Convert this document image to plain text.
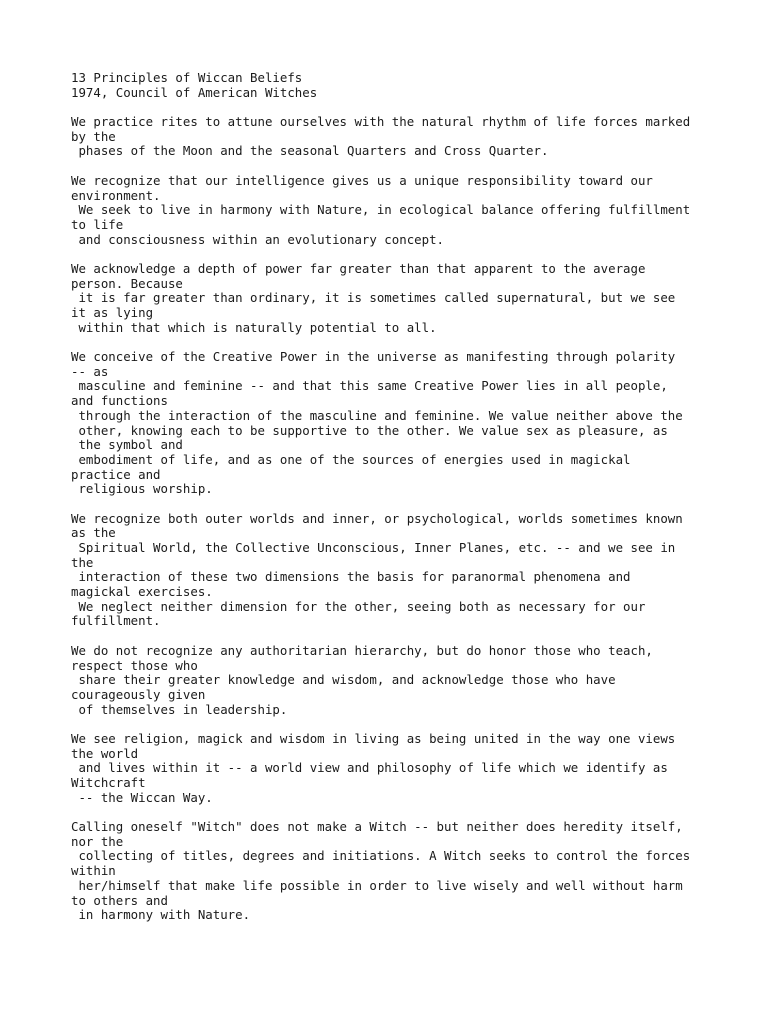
13 Principles of Wiccan Beliefs
1974, Council of American Witches
We practice rites to attune ourselves with the natural rhythm of life forces marked
by the
phases of the Moon and the seasonal Quarters and Cross Quarter.
We recognize that our intelligence gives us a unique responsibility toward our
environment.
We seek to live in harmony with Nature, in ecological balance offering fulfillment
to life
and consciousness within an evolutionary concept.
We acknowledge a depth of power far greater than that apparent to the average
person. Because
it is far greater than ordinary, it is sometimes called supernatural, but we see
it as lying
within that which is naturally potential to all.
We conceive of the Creative Power in the universe as manifesting through polarity
-- as
masculine and feminine -- and that this same Creative Power lies in all people,
and functions
through the interaction of the masculine and feminine. We value neither above the
other, knowing each to be supportive to the other. We value sex as pleasure, as
the symbol and
embodiment of life, and as one of the sources of energies used in magickal
practice and
religious worship.
We recognize both outer worlds and inner, or psychological, worlds sometimes known
as the
Spiritual World, the Collective Unconscious, Inner Planes, etc. -- and we see in
the
interaction of these two dimensions the basis for paranormal phenomena and
magickal exercises.
We neglect neither dimension for the other, seeing both as necessary for our
fulfillment.
We do not recognize any authoritarian hierarchy, but do honor those who teach,
respect those who
share their greater knowledge and wisdom, and acknowledge those who have
courageously given
of themselves in leadership.
We see religion, magick and wisdom in living as being united in the way one views
the world
and lives within it -- a world view and philosophy of life which we identify as
Witchcraft
-- the Wiccan Way.
Calling oneself "Witch" does not make a Witch -- but neither does heredity itself,
nor the
collecting of titles, degrees and initiations. A Witch seeks to control the forces
within
her/himself that make life possible in order to live wisely and well without harm
to others and
in harmony with Nature.
